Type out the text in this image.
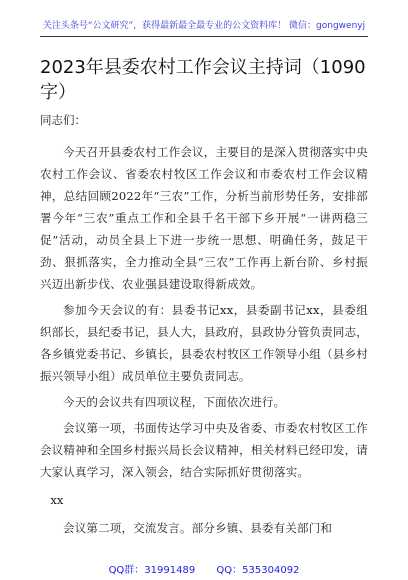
关注头条号“公文研究”，获得最新最全最专业的公文资料库！ 微信：gongwenyj
2023年县委农村工作会议主持词（1090字）

同志们：

今天召开县委农村工作会议，主要目的是深入贯彻落实中央农村工作会议、省委农村牧区工作会议和市委农村工作会议精神，总结回顾2022年“三农”工作，分析当前形势任务，安排部署今年“三农”重点工作和全县千名干部下乡开展“一讲两稳三促”活动，动员全县上下进一步统一思想、明确任务，鼓足干劲、狠抓落实，全力推动全县“三农”工作再上新台阶、乡村振兴迈出新步伐、农业强县建设取得新成效。

参加今天会议的有：县委书记xx，县委副书记xx，县委组织部长，县纪委书记，县人大，县政府，县政协分管负责同志，各乡镇党委书记、乡镇长，县委农村牧区工作领导小组（县乡村振兴领导小组）成员单位主要负责同志。

今天的会议共有四项议程，下面依次进行。

会议第一项，书面传达学习中央及省委、市委农村牧区工作会议精神和全国乡村振兴局长会议精神，相关材料已经印发，请大家认真学习，深入领会，结合实际抓好贯彻落实。

xx

会议第二项，交流发言。部分乡镇、县委有关部门和

QQ群：31991489 QQ：535304092
